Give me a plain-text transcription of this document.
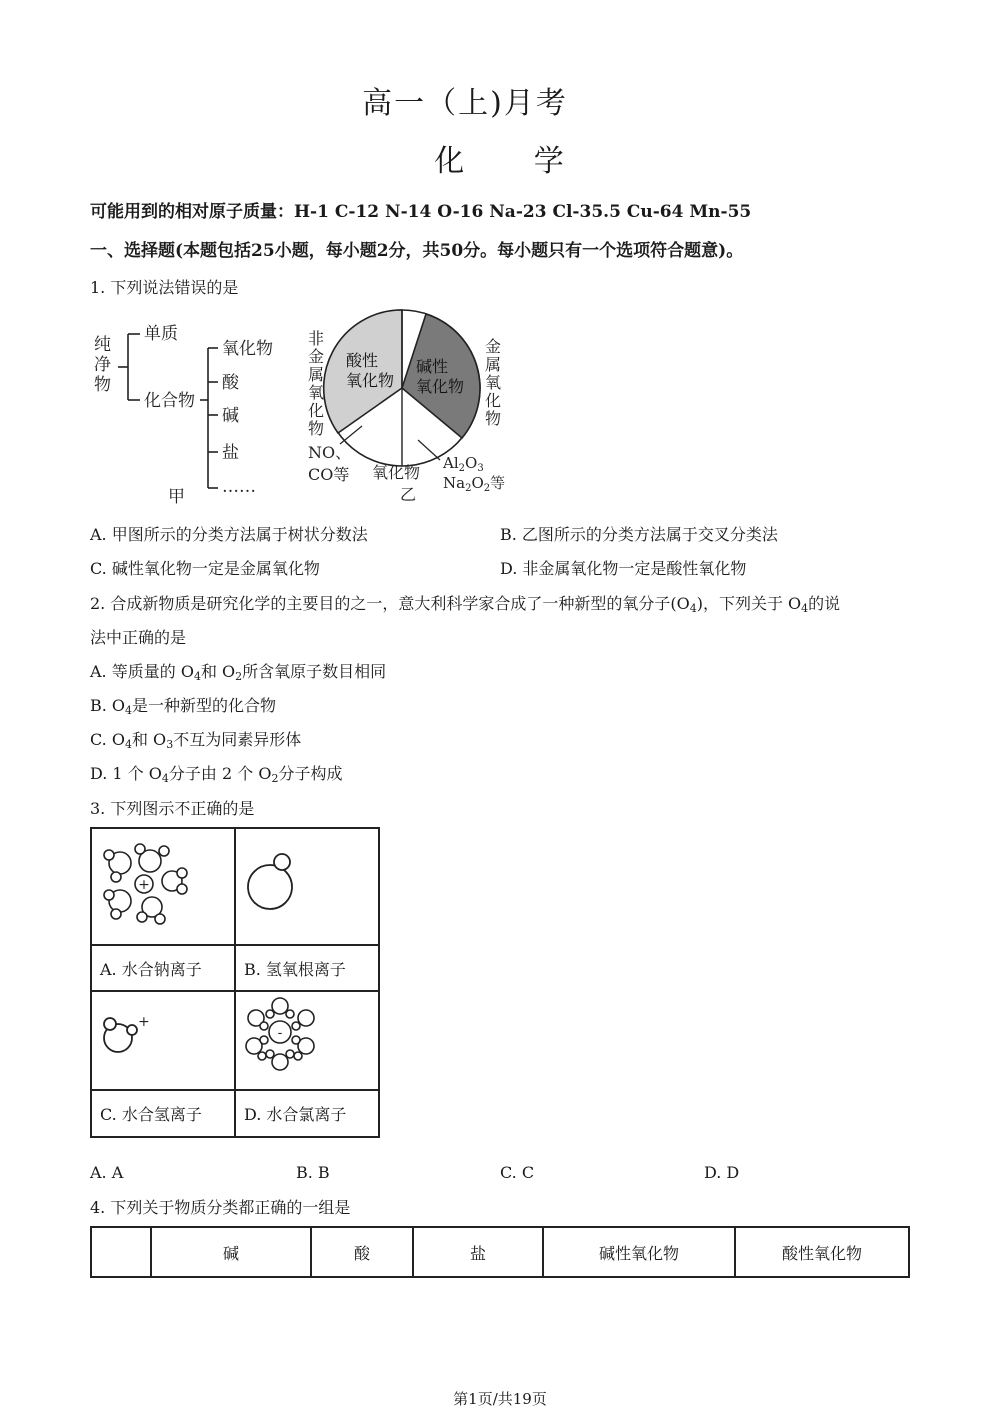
高一（上)月考
化 学
可能用到的相对原子质量：H-1 C-12 N-14 O-16 Na-23 Cl-35.5 Cu-64 Mn-55
一、选择题(本题包括25小题，每小题2分，共50分。每小题只有一个选项符合题意)。
1. 下列说法错误的是
纯
净
物
单质
化合物
氧化物
酸
碱
盐
……
甲
酸性
氧化物
碱性
氧化物
非
金
属
氧
化
物
金
属
氧
化
物
NO、
CO等 氧化物
乙
$Al_2O_3$
$Na_2O_2$等
A. 甲图所示的分类方法属于树状分数法	B. 乙图所示的分类方法属于交叉分类法
C. 碱性氧化物一定是金属氧化物	D. 非金属氧化物一定是酸性氧化物
2. 合成新物质是研究化学的主要目的之一，意大利科学家合成了一种新型的氧分子$(O_4)$，下列关于 $O_4$的说
法中正确的是
A. 等质量的 $O_4$和 $O_2$所含氧原子数目相同
B. $O_4$是一种新型的化合物
C. $O_4$和 $O_3$不互为同素异形体
D. 1 个 $O_4$分子由 2 个 $O_2$分子构成
3. 下列图示不正确的是
+

A. 水合钠离子	B. 氢氧根离子

+	-

C. 水合氢离子	D. 水合氯离子
A. A	B. B	C. C	D. D
4. 下列关于物质分类都正确的一组是
	碱	酸	盐	碱性氧化物	酸性氧化物
第1页/共19页
